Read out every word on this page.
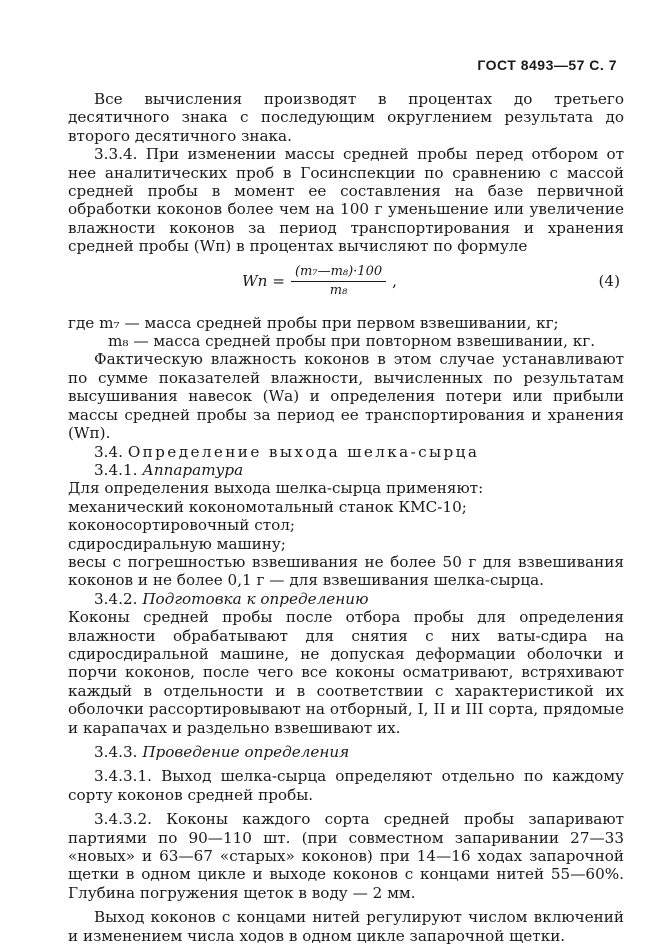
ГОСТ 8493—57 С. 7

Все вычисления производят в процентах до третьего десятичного знака с последующим округлением результата до второго десятичного знака.

3.3.4. При изменении массы средней пробы перед отбором от нее аналитических проб в Госинспекции по сравнению с массой средней пробы в момент ее составления на базе первичной обработки коконов более чем на 100 г уменьшение или увеличение влажности коконов за период транспортирования и хранения средней пробы (Wп) в процентах вычисляют по формуле

Wп = $\frac{\text{(m₇—m₈)·100}}{\text{m₈}}$ ,	(4)

где m₇ — масса средней пробы при первом взвешивании, кг;

m₈ — масса средней пробы при повторном взвешивании, кг.

Фактическую влажность коконов в этом случае устанавливают по сумме показателей влажности, вычисленных по результатам высушивания навесок (Wа) и определения потери или прибыли массы средней пробы за период ее транспортирования и хранения (Wп).

3.4. Определение выхода шелка-сырца

3.4.1. Аппаратура

Для определения выхода шелка-сырца применяют:

механический кокономотальный станок КМС-10;

коконосортировочный стол;

сдиросдиральную машину;

весы с погрешностью взвешивания не более 50 г для взвешивания коконов и не более 0,1 г — для взвешивания шелка-сырца.

3.4.2. Подготовка к определению

Коконы средней пробы после отбора пробы для определения влажности обрабатывают для снятия с них ваты-сдира на сдиросдиральной машине, не допуская деформации оболочки и порчи коконов, после чего все коконы осматривают, встряхивают каждый в отдельности и в соответствии с характеристикой их оболочки рассортировывают на отборный, I, II и III сорта, прядомые и карапачах и раздельно взвешивают их.

3.4.3. Проведение определения

3.4.3.1. Выход шелка-сырца определяют отдельно по каждому сорту коконов средней пробы.

3.4.3.2. Коконы каждого сорта средней пробы запаривают партиями по 90—110 шт. (при совместном запаривании 27—33 «новых» и 63—67 «старых» коконов) при 14—16 ходах запарочной щетки в одном цикле и выходе коконов с концами нитей 55—60%. Глубина погружения щеток в воду — 2 мм.

Выход коконов с концами нитей регулируют числом включений и изменением числа ходов в одном цикле запарочной щетки.
